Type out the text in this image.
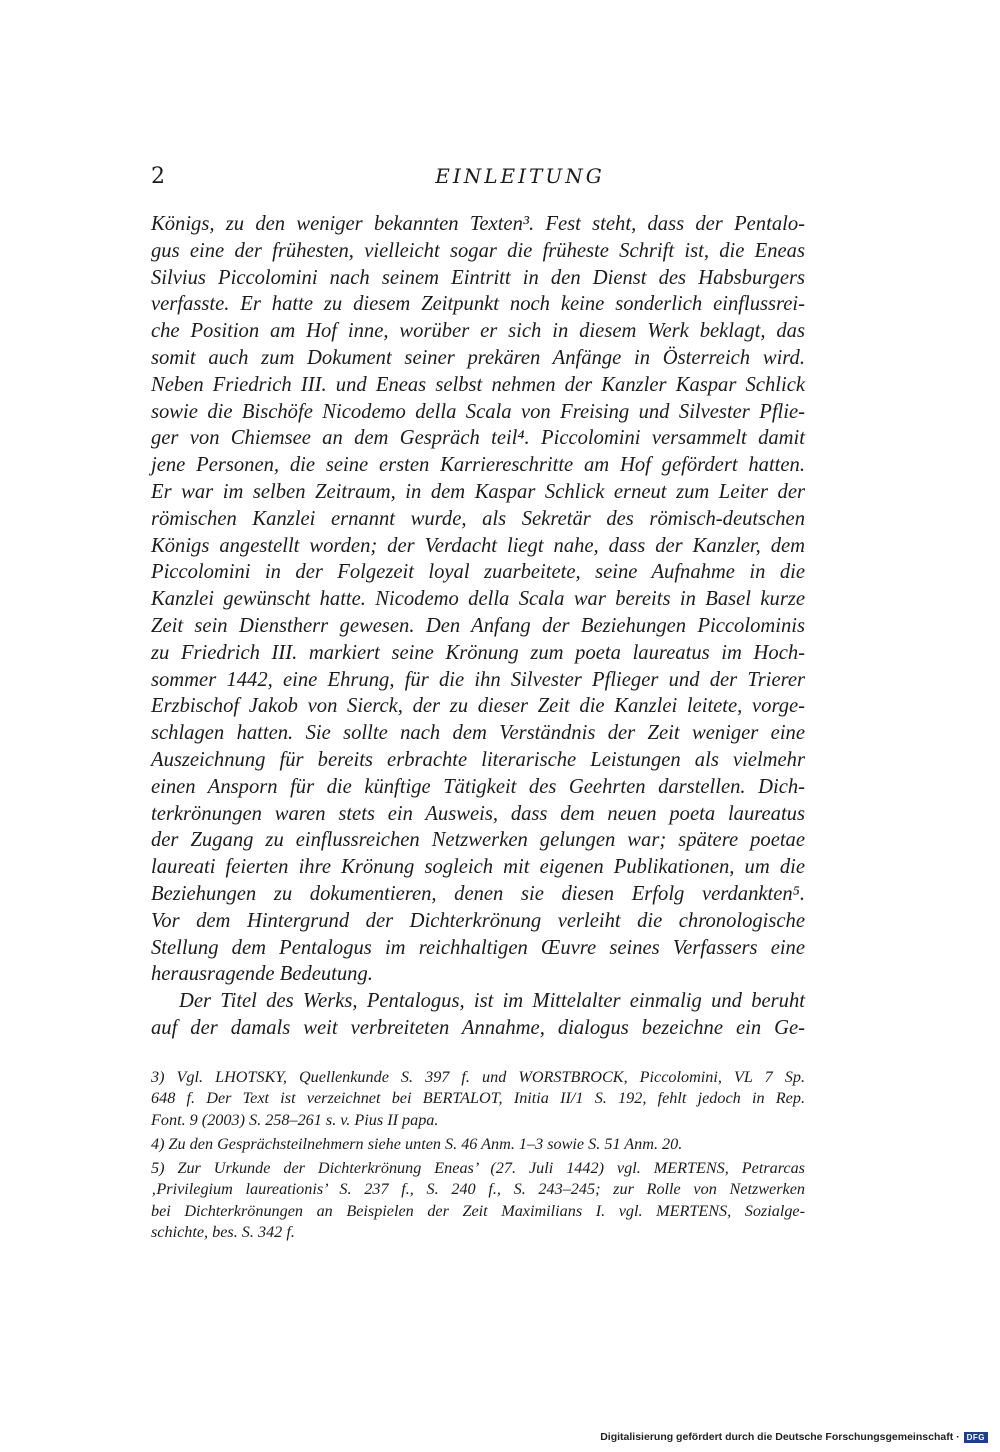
2	EINLEITUNG
Königs, zu den weniger bekannten Texten³. Fest steht, dass der Pentalo-
gus eine der frühesten, vielleicht sogar die früheste Schrift ist, die Eneas
Silvius Piccolomini nach seinem Eintritt in den Dienst des Habsburgers
verfasste. Er hatte zu diesem Zeitpunkt noch keine sonderlich einflussrei-
che Position am Hof inne, worüber er sich in diesem Werk beklagt, das
somit auch zum Dokument seiner prekären Anfänge in Österreich wird.
Neben Friedrich III. und Eneas selbst nehmen der Kanzler Kaspar Schlick
sowie die Bischöfe Nicodemo della Scala von Freising und Silvester Pflie-
ger von Chiemsee an dem Gespräch teil⁴. Piccolomini versammelt damit
jene Personen, die seine ersten Karriereschritte am Hof gefördert hatten.
Er war im selben Zeitraum, in dem Kaspar Schlick erneut zum Leiter der
römischen Kanzlei ernannt wurde, als Sekretär des römisch-deutschen
Königs angestellt worden; der Verdacht liegt nahe, dass der Kanzler, dem
Piccolomini in der Folgezeit loyal zuarbeitete, seine Aufnahme in die
Kanzlei gewünscht hatte. Nicodemo della Scala war bereits in Basel kurze
Zeit sein Dienstherr gewesen. Den Anfang der Beziehungen Piccolominis
zu Friedrich III. markiert seine Krönung zum poeta laureatus im Hoch-
sommer 1442, eine Ehrung, für die ihn Silvester Pflieger und der Trierer
Erzbischof Jakob von Sierck, der zu dieser Zeit die Kanzlei leitete, vorge-
schlagen hatten. Sie sollte nach dem Verständnis der Zeit weniger eine
Auszeichnung für bereits erbrachte literarische Leistungen als vielmehr
einen Ansporn für die künftige Tätigkeit des Geehrten darstellen. Dich-
terkrönungen waren stets ein Ausweis, dass dem neuen poeta laureatus
der Zugang zu einflussreichen Netzwerken gelungen war; spätere poetae
laureati feierten ihre Krönung sogleich mit eigenen Publikationen, um die
Beziehungen zu dokumentieren, denen sie diesen Erfolg verdankten⁵.
Vor dem Hintergrund der Dichterkrönung verleiht die chronologische
Stellung dem Pentalogus im reichhaltigen Œuvre seines Verfassers eine
herausragende Bedeutung.
Der Titel des Werks, Pentalogus, ist im Mittelalter einmalig und beruht
auf der damals weit verbreiteten Annahme, dialogus bezeichne ein Ge-
3) Vgl. LHOTSKY, Quellenkunde S. 397 f. und WORSTBROCK, Piccolomini, VL 7 Sp.
648 f. Der Text ist verzeichnet bei BERTALOT, Initia II/1 S. 192, fehlt jedoch in Rep.
Font. 9 (2003) S. 258–261 s. v. Pius II papa.
4) Zu den Gesprächsteilnehmern siehe unten S. 46 Anm. 1–3 sowie S. 51 Anm. 20.
5) Zur Urkunde der Dichterkrönung Eneas’ (27. Juli 1442) vgl. MERTENS, Petrarcas
‚Privilegium laureationis’ S. 237 f., S. 240 f., S. 243–245; zur Rolle von Netzwerken
bei Dichterkrönungen an Beispielen der Zeit Maximilians I. vgl. MERTENS, Sozialge-
schichte, bes. S. 342 f.
Digitalisierung gefördert durch die Deutsche Forschungsgemeinschaft · DFG
